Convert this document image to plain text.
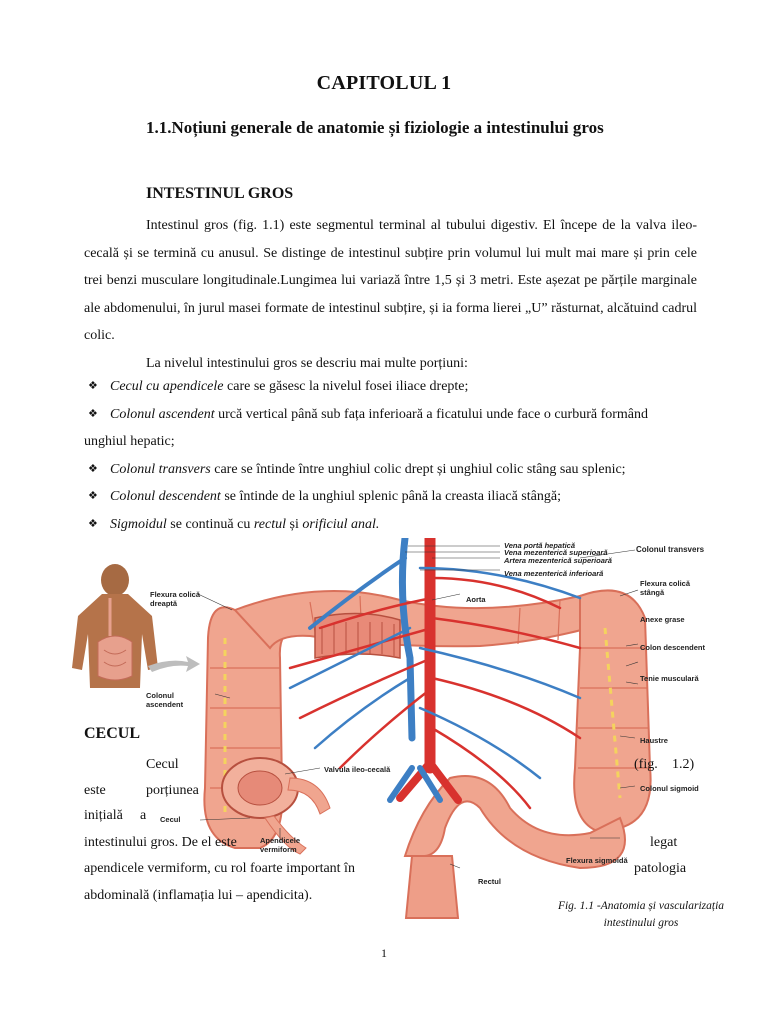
CAPITOLUL 1
1.1.Noțiuni generale de anatomie și fiziologie a intestinului gros
INTESTINUL GROS

Intestinul gros (fig. 1.1) este segmentul terminal al tubului digestiv. El începe de la valva ileo-cecală și se termină cu anusul. Se distinge de intestinul subțire prin volumul lui mult mai mare și prin cele trei benzi musculare longitudinale.Lungimea lui variază între 1,5 și 3 metri. Este așezat pe părțile marginale ale abdomenului, în jurul masei formate de intestinul subțire, și ia forma lierei „U” răsturnat, alcătuind cadrul colic.

La nivelul intestinului gros se descriu mai multe porțiuni:

❖ Cecul cu apendicele care se găsesc la nivelul fosei iliace drepte;
❖ Colonul ascendent urcă vertical până sub fața inferioară a ficatului unde face o curbură formând
unghiul hepatic;
❖ Colonul transvers care se întinde între unghiul colic drept și unghiul colic stâng sau splenic;
❖ Colonul descendent se întinde de la unghiul splenic până la creasta iliacă stângă;
❖ Sigmoidul se continuă cu rectul și orificiul anal.
Vena portă hepatică
Vena mezenterică superioară
Artera mezenterică superioară
Vena mezenterică inferioară
Colonul transvers
Flexura colică dreaptă
Flexura colică stângă
Aorta
Anexe grase
Colon descendent
Tenie musculară
Colonul ascendent
Haustre
Valvula ileo-cecală
Colonul sigmoid
Cecul
Apendicele vermiform
Flexura sigmoidă
Rectul
CECUL
Cecul	(fig. 1.2)
este	porțiunea
inițială a
intestinului gros. De el este	legat
apendicele vermiform, cu rol foarte important în	patologia
abdominală (inflamația lui – apendicita).
Fig. 1.1 -Anatomia și vascularizația
intestinului gros
1
